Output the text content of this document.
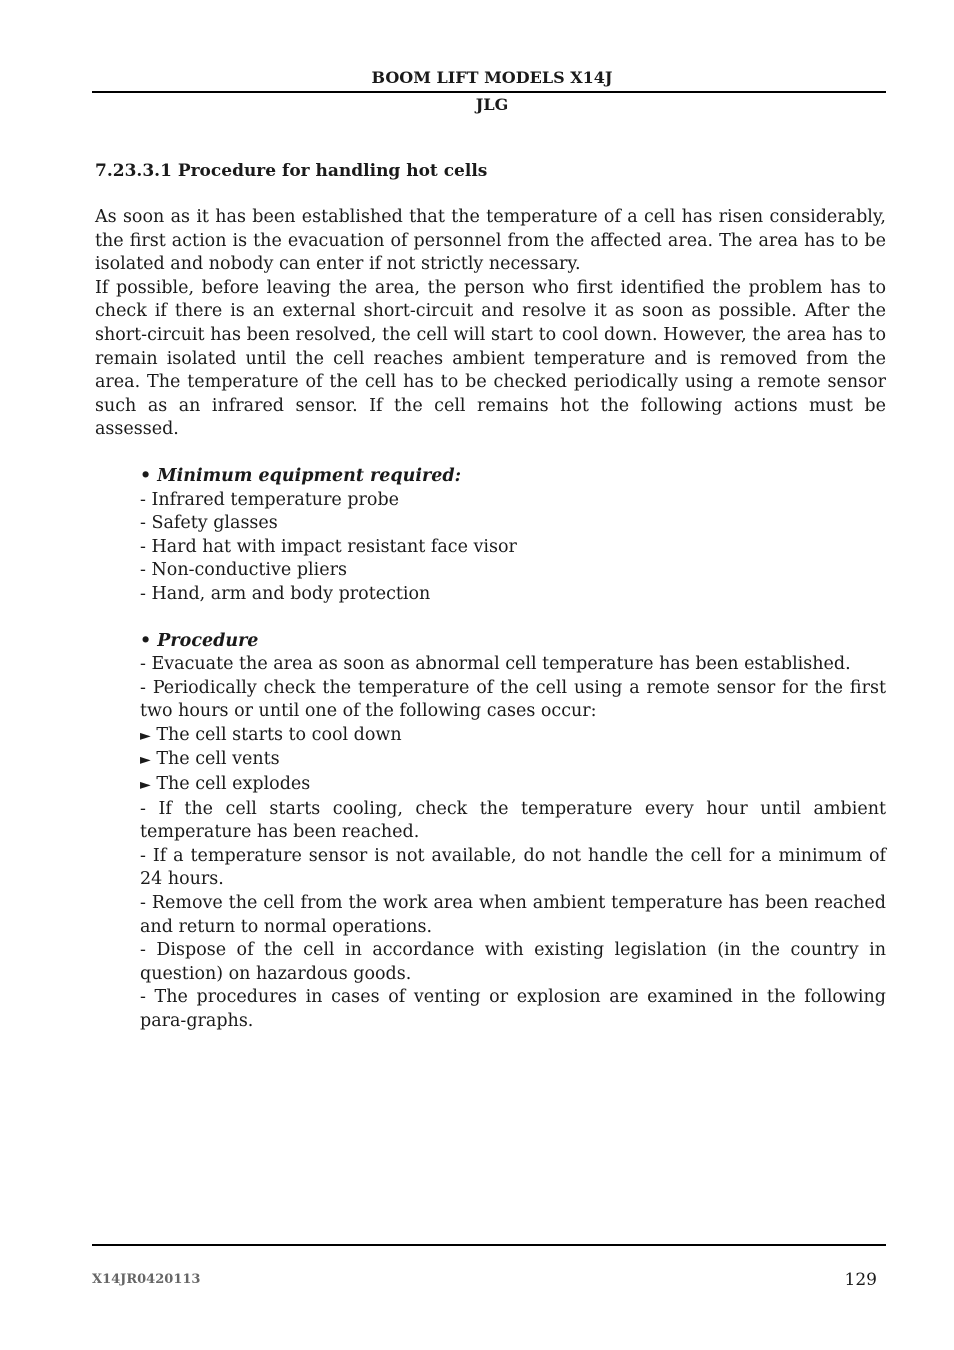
BOOM LIFT MODELS X14J
JLG

7.23.3.1 Procedure for handling hot cells

As soon as it has been established that the temperature of a cell has risen considerably, the first action is the evacuation of personnel from the affected area. The area has to be isolated and nobody can enter if not strictly necessary.

If possible, before leaving the area, the person who first identified the problem has to check if there is an external short-circuit and resolve it as soon as possible. After the short-circuit has been resolved, the cell will start to cool down. However, the area has to remain isolated until the cell reaches ambient temperature and is removed from the area. The temperature of the cell has to be checked periodically using a remote sensor such as an infrared sensor. If the cell remains hot the following actions must be assessed.

• Minimum equipment required:

- Infrared temperature probe

- Safety glasses

- Hard hat with impact resistant face visor

- Non-conductive pliers

- Hand, arm and body protection

• Procedure

- Evacuate the area as soon as abnormal cell temperature has been established.

- Periodically check the temperature of the cell using a remote sensor for the first two hours or until one of the following cases occur:

► The cell starts to cool down

► The cell vents

► The cell explodes

- If the cell starts cooling, check the temperature every hour until ambient temperature has been reached.

- If a temperature sensor is not available, do not handle the cell for a minimum of 24 hours.

- Remove the cell from the work area when ambient temperature has been reached and return to normal operations.

- Dispose of the cell in accordance with existing legislation (in the country in question) on hazardous goods.

- The procedures in cases of venting or explosion are examined in the following para-graphs.

X14JR0420113	129
